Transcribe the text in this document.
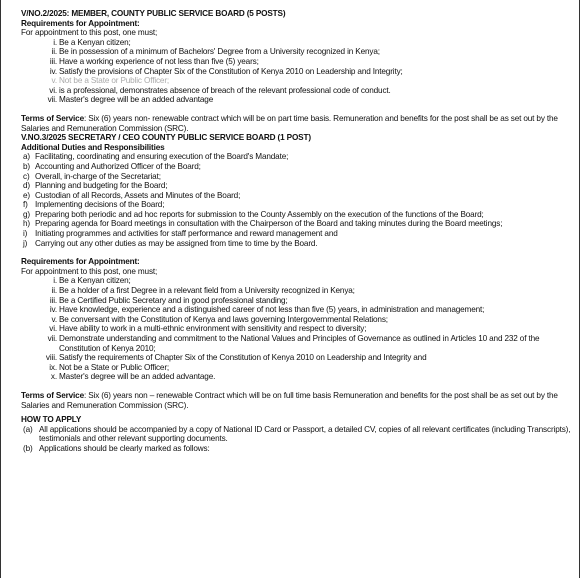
V/NO.2/2025: MEMBER, COUNTY PUBLIC SERVICE BOARD (5 POSTS)
Requirements for Appointment:
For appointment to this post, one must;
i. Be a Kenyan citizen;
ii. Be in possession of a minimum of Bachelors' Degree from a University recognized in Kenya;
iii. Have a working experience of not less than five (5) years;
iv. Satisfy the provisions of Chapter Six of the Constitution of Kenya 2010 on Leadership and Integrity;
v. Not be a State or Public Officer;
vi. is a professional, demonstrates absence of breach of the relevant professional code of conduct.
vii. Master's degree will be an added advantage
Terms of Service: Six (6) years non- renewable contract which will be on part time basis. Remuneration and benefits for the post shall be as set out by the Salaries and Remuneration Commission (SRC).
V.NO.3/2025 SECRETARY / CEO COUNTY PUBLIC SERVICE BOARD (1 POST)
Additional Duties and Responsibilities
a) Facilitating, coordinating and ensuring execution of the Board's Mandate;
b) Accounting and Authorized Officer of the Board;
c) Overall, in-charge of the Secretariat;
d) Planning and budgeting for the Board;
e) Custodian of all Records, Assets and Minutes of the Board;
f) Implementing decisions of the Board;
g) Preparing both periodic and ad hoc reports for submission to the County Assembly on the execution of the functions of the Board;
h) Preparing agenda for Board meetings in consultation with the Chairperson of the Board and taking minutes during the Board meetings;
i) Initiating programmes and activities for staff performance and reward management and
j) Carrying out any other duties as may be assigned from time to time by the Board.
Requirements for Appointment:
For appointment to this post, one must;
i. Be a Kenyan citizen;
ii. Be a holder of a first Degree in a relevant field from a University recognized in Kenya;
iii. Be a Certified Public Secretary and in good professional standing;
iv. Have knowledge, experience and a distinguished career of not less than five (5) years, in administration and management;
v. Be conversant with the Constitution of Kenya and laws governing Intergovernmental Relations;
vi. Have ability to work in a multi-ethnic environment with sensitivity and respect to diversity;
vii. Demonstrate understanding and commitment to the National Values and Principles of Governance as outlined in Articles 10 and 232 of the Constitution of Kenya 2010;
viii. Satisfy the requirements of Chapter Six of the Constitution of Kenya 2010 on Leadership and Integrity and
ix. Not be a State or Public Officer;
x. Master's degree will be an added advantage.
Terms of Service: Six (6) years non – renewable Contract which will be on full time basis Remuneration and benefits for the post shall be as set out by the Salaries and Remuneration Commission (SRC).
HOW TO APPLY
(a) All applications should be accompanied by a copy of National ID Card or Passport, a detailed CV, copies of all relevant certificates (including Transcripts), testimonials and other relevant supporting documents.
(b) Applications should be clearly marked as follows:
